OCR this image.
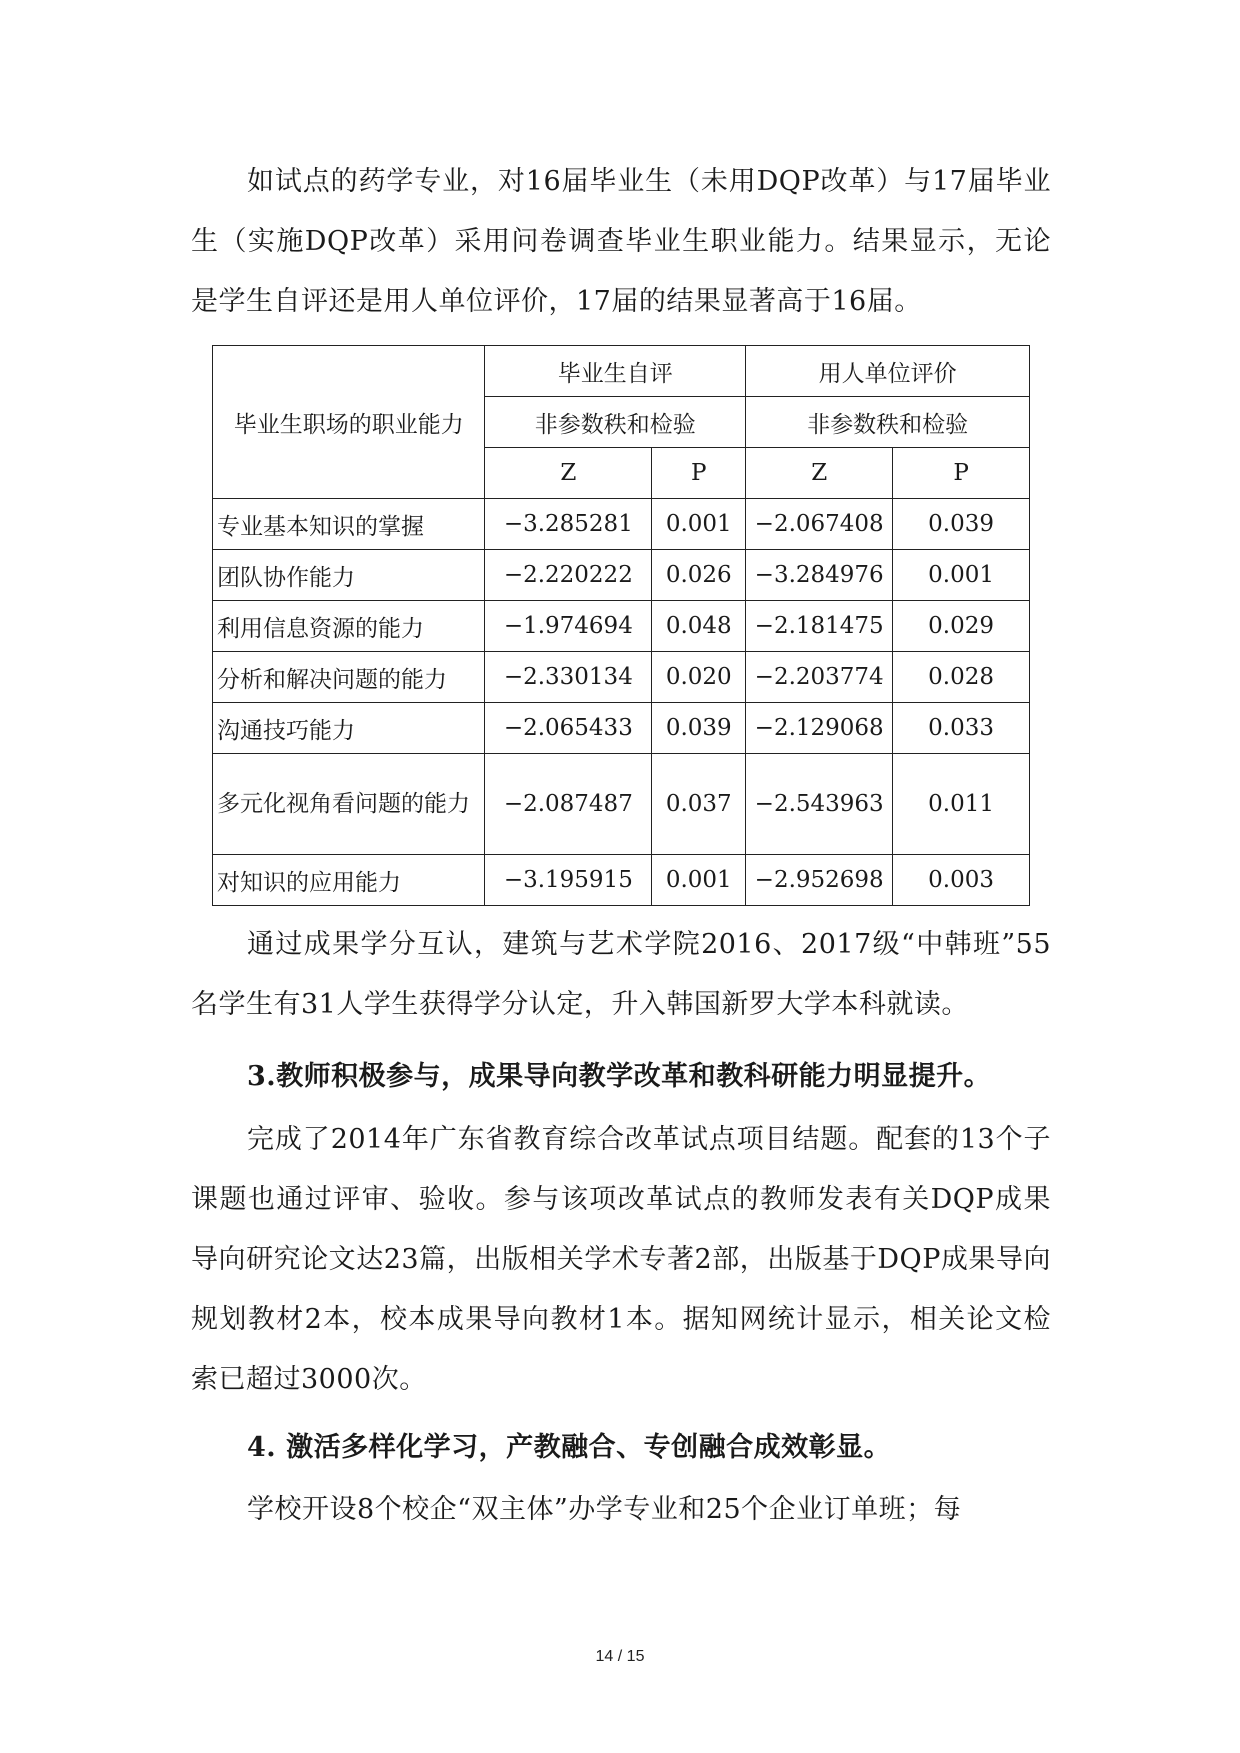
如试点的药学专业，对16届毕业生（未用DQP改革）与17届毕业生（实施DQP改革）采用问卷调查毕业生职业能力。结果显示，无论是学生自评还是用人单位评价，17届的结果显著高于16届。

毕业生职场的职业能力	毕业生自评		用人单位评价	
	非参数秩和检验		非参数秩和检验	
	Z	P	Z	P
专业基本知识的掌握	−3.285281	0.001	−2.067408	0.039
团队协作能力	−2.220222	0.026	−3.284976	0.001
利用信息资源的能力	−1.974694	0.048	−2.181475	0.029
分析和解决问题的能力	−2.330134	0.020	−2.203774	0.028
沟通技巧能力	−2.065433	0.039	−2.129068	0.033
多元化视角看问题的能力	−2.087487	0.037	−2.543963	0.011
对知识的应用能力	−3.195915	0.001	−2.952698	0.003

通过成果学分互认，建筑与艺术学院2016、2017级“中韩班”55名学生有31人学生获得学分认定，升入韩国新罗大学本科就读。

3.教师积极参与，成果导向教学改革和教科研能力明显提升。

完成了2014年广东省教育综合改革试点项目结题。配套的13个子课题也通过评审、验收。参与该项改革试点的教师发表有关DQP成果导向研究论文达23篇，出版相关学术专著2部，出版基于DQP成果导向规划教材2本，校本成果导向教材1本。据知网统计显示，相关论文检索已超过3000次。

4. 激活多样化学习，产教融合、专创融合成效彰显。

学校开设8个校企“双主体”办学专业和25个企业订单班；每

14 / 15
